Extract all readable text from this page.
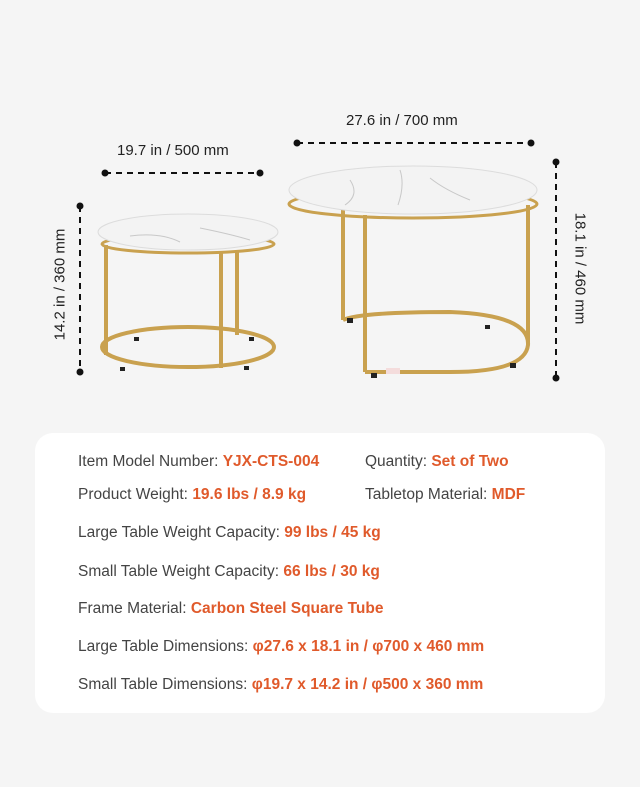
19.7 in / 500 mm
27.6 in / 700 mm
14.2 in / 360 mm	18.1 in / 460 mm
Item Model Number: YJX-CTS-004	Quantity: Set of Two
Product Weight: 19.6 lbs / 8.9 kg	Tabletop Material: MDF
Large Table Weight Capacity: 99 lbs / 45 kg
Small Table Weight Capacity: 66 lbs / 30 kg
Frame Material: Carbon Steel Square Tube
Large Table Dimensions: φ27.6 x 18.1 in / φ700 x 460 mm
Small Table Dimensions: φ19.7 x 14.2 in / φ500 x 360 mm
